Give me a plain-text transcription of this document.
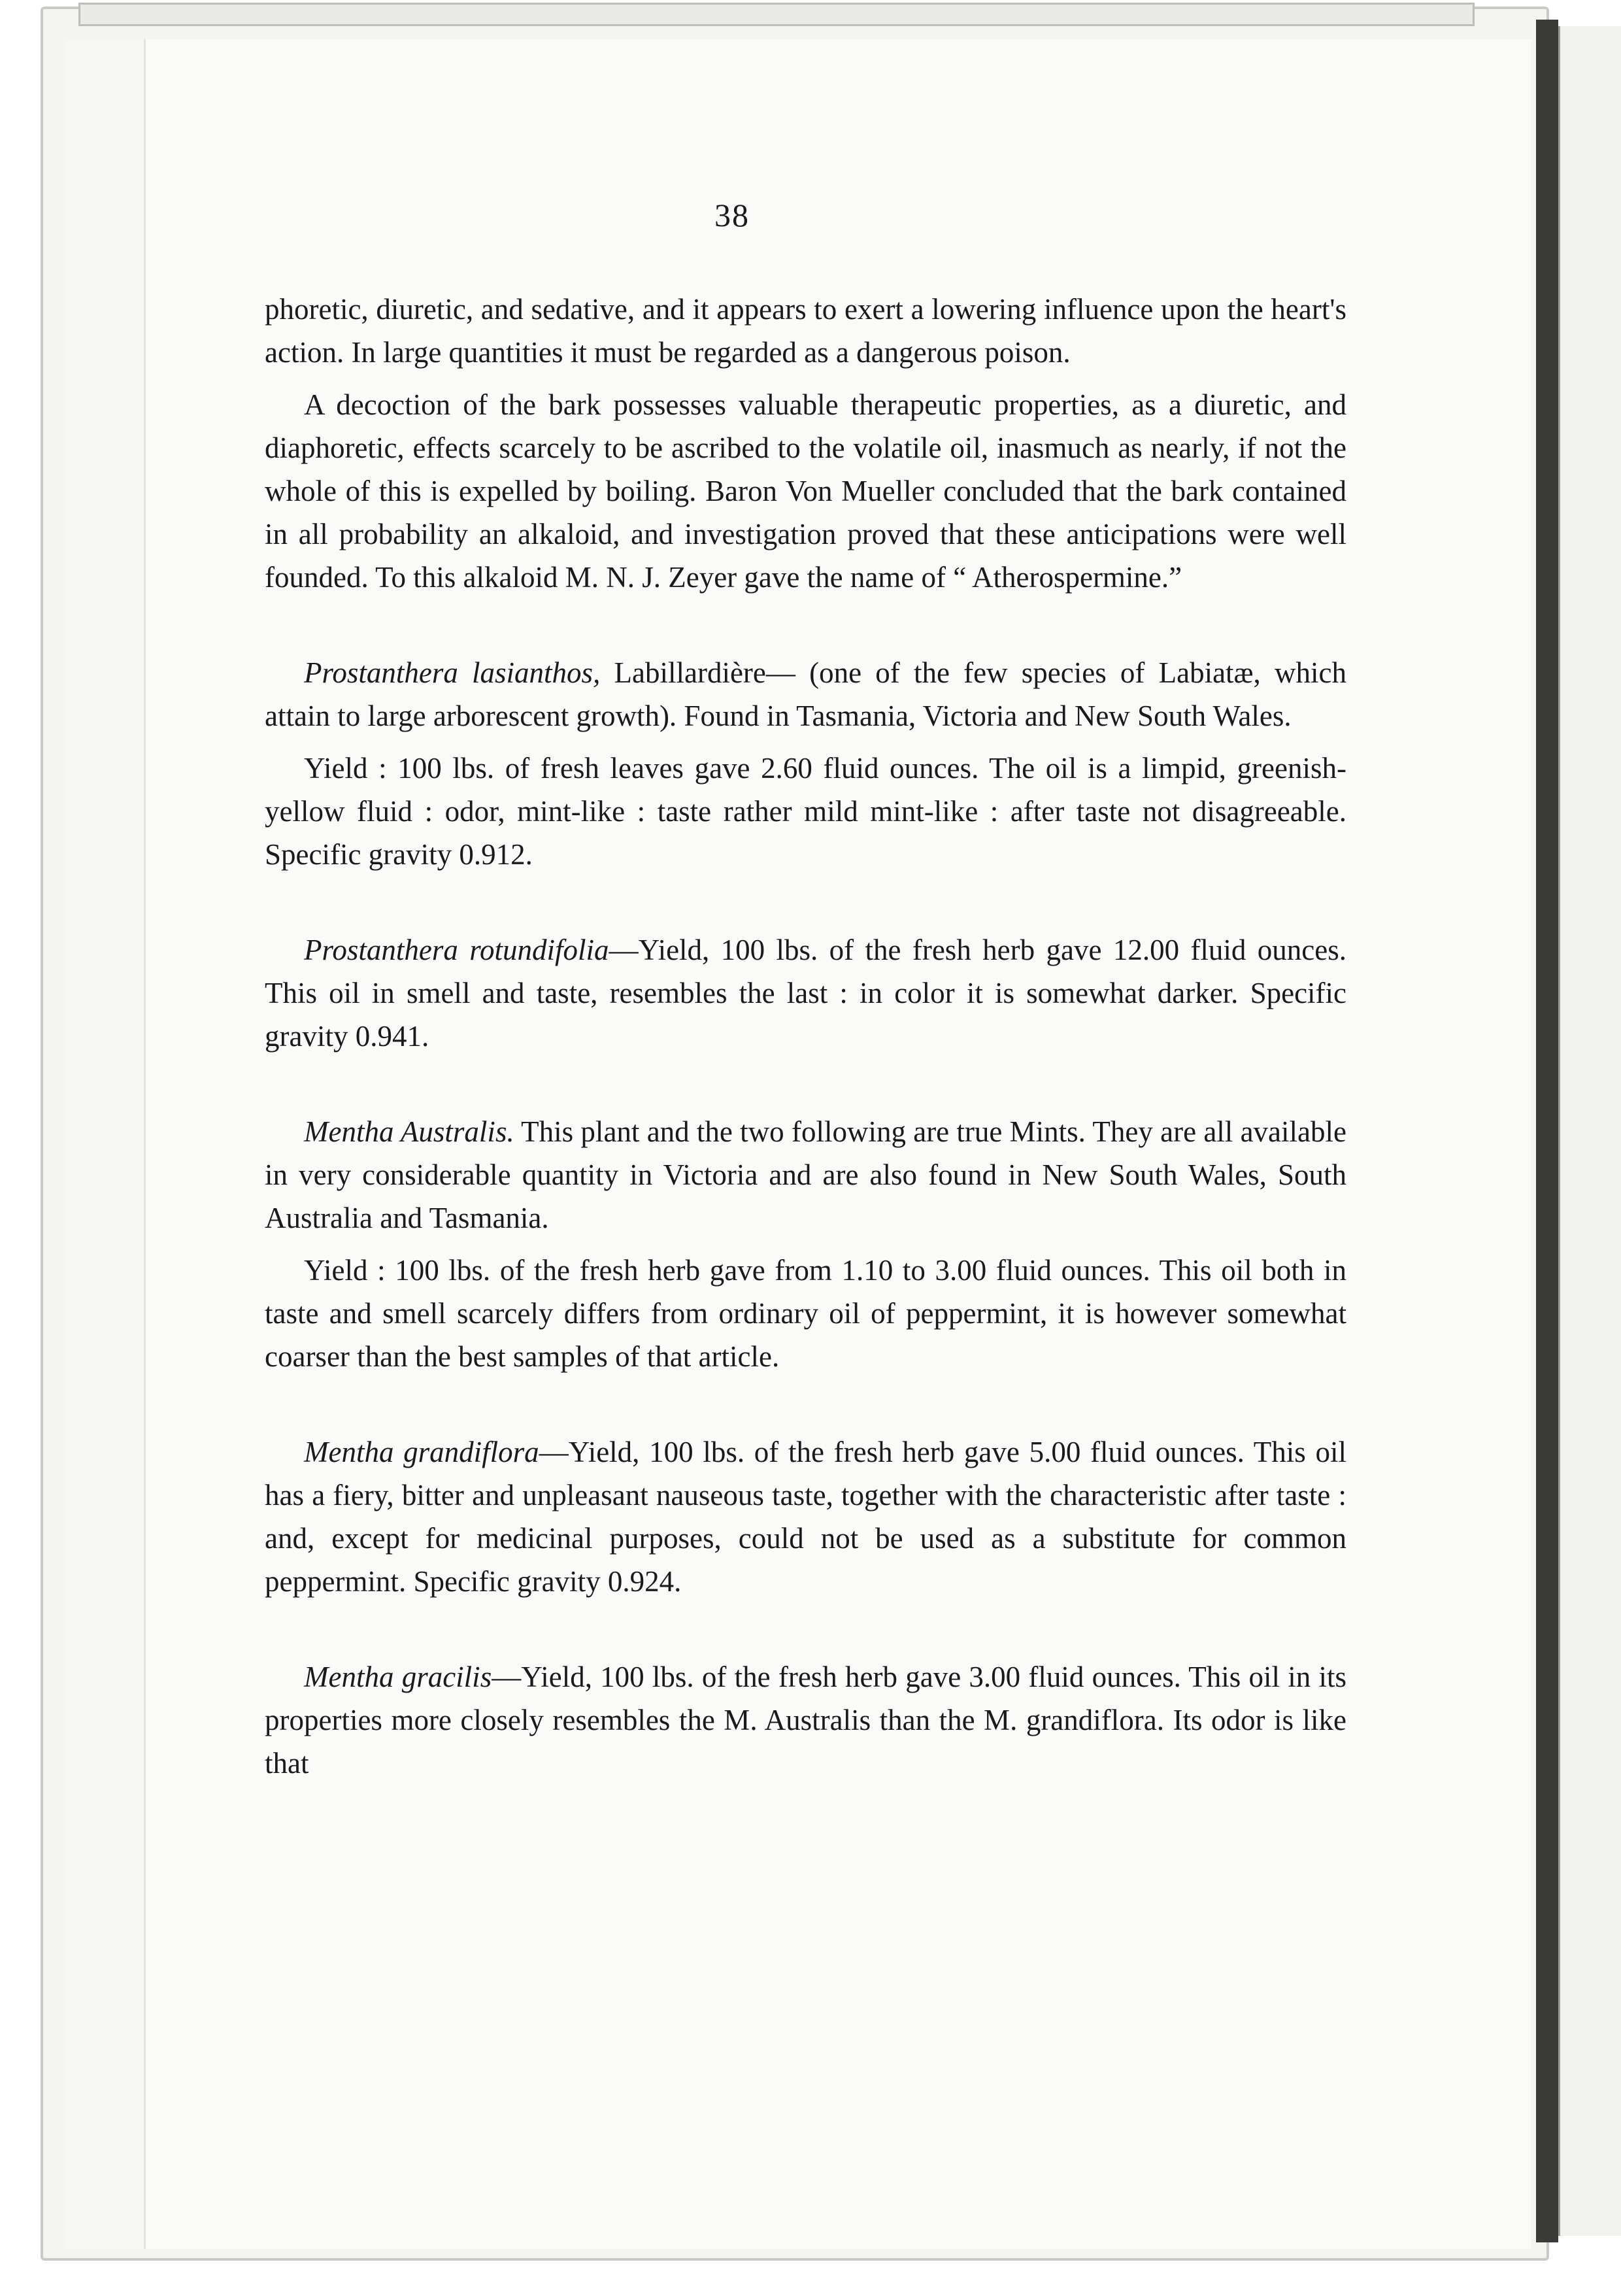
38

phoretic, diuretic, and sedative, and it appears to exert a lowering influence upon the heart's action. In large quantities it must be regarded as a dangerous poison.

A decoction of the bark possesses valuable therapeutic properties, as a diuretic, and diaphoretic, effects scarcely to be ascribed to the volatile oil, inasmuch as nearly, if not the whole of this is expelled by boiling. Baron Von Mueller concluded that the bark contained in all probability an alkaloid, and investigation proved that these anticipations were well founded. To this alkaloid M. N. J. Zeyer gave the name of “ Atherospermine.”

Prostanthera lasianthos, Labillardière— (one of the few species of Labiatæ, which attain to large arborescent growth). Found in Tasmania, Victoria and New South Wales.

Yield : 100 lbs. of fresh leaves gave 2.60 fluid ounces. The oil is a limpid, greenish-yellow fluid : odor, mint-like : taste rather mild mint-like : after taste not disagreeable. Specific gravity 0.912.

Prostanthera rotundifolia—Yield, 100 lbs. of the fresh herb gave 12.00 fluid ounces. This oil in smell and taste, resembles the last : in color it is somewhat darker. Specific gravity 0.941.

Mentha Australis. This plant and the two following are true Mints. They are all available in very considerable quantity in Victoria and are also found in New South Wales, South Australia and Tasmania.

Yield : 100 lbs. of the fresh herb gave from 1.10 to 3.00 fluid ounces. This oil both in taste and smell scarcely differs from ordinary oil of peppermint, it is however somewhat coarser than the best samples of that article.

Mentha grandiflora—Yield, 100 lbs. of the fresh herb gave 5.00 fluid ounces. This oil has a fiery, bitter and unpleasant nauseous taste, together with the characteristic after taste : and, except for medicinal purposes, could not be used as a substitute for common peppermint. Specific gravity 0.924.

Mentha gracilis—Yield, 100 lbs. of the fresh herb gave 3.00 fluid ounces. This oil in its properties more closely resembles the M. Australis than the M. grandiflora. Its odor is like that
